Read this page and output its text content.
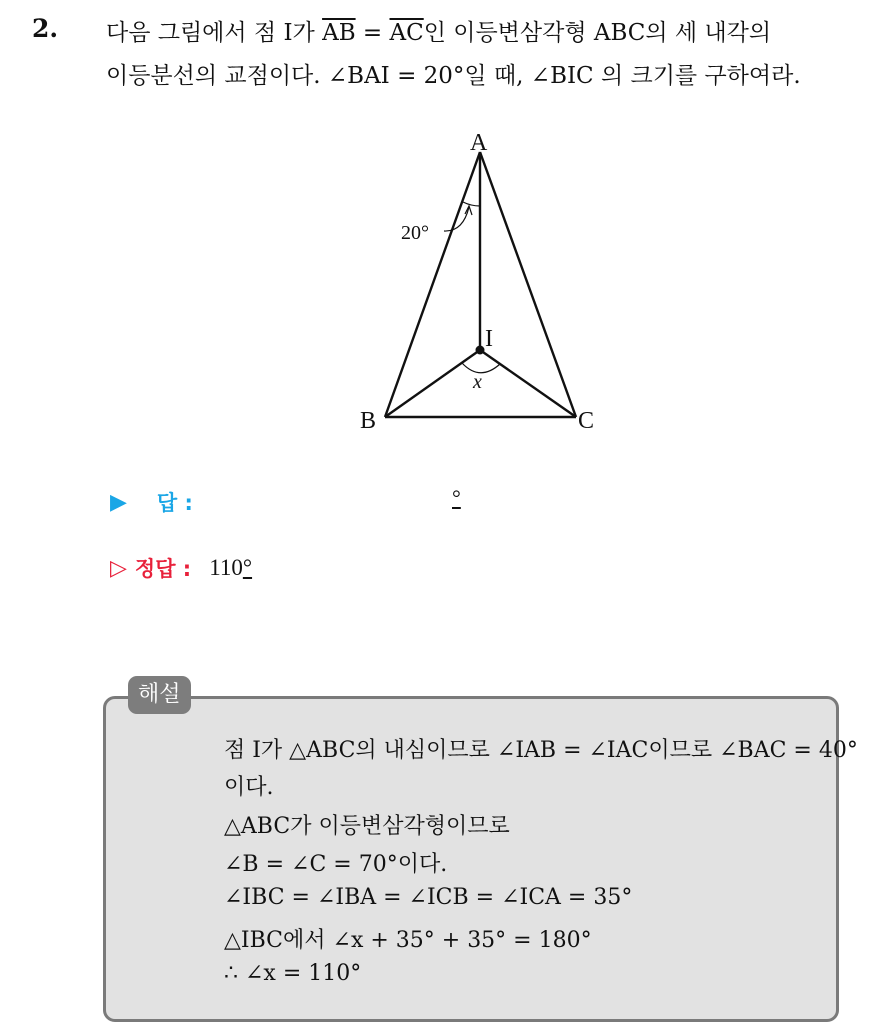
2. 다음 그림에서 점 I가 $\overline{AB} = \overline{AC}$인 이등변삼각형 ABC의 세 내각의
이등분선의 교점이다. ∠BAI = 20°일 때, ∠BIC 의 크기를 구하여라.
A
B	C
I
20°
x
▶ 답 :	°
▷ 정답 : 110°
점 I가 △ABC의 내심이므로 ∠IAB = ∠IAC이므로 ∠BAC = 40°
이다.
△ABC가 이등변삼각형이므로
∠B = ∠C = 70°이다.
∠IBC = ∠IBA = ∠ICB = ∠ICA = 35°
△IBC에서 ∠x + 35° + 35° = 180°
∴ ∠x = 110°
해설
